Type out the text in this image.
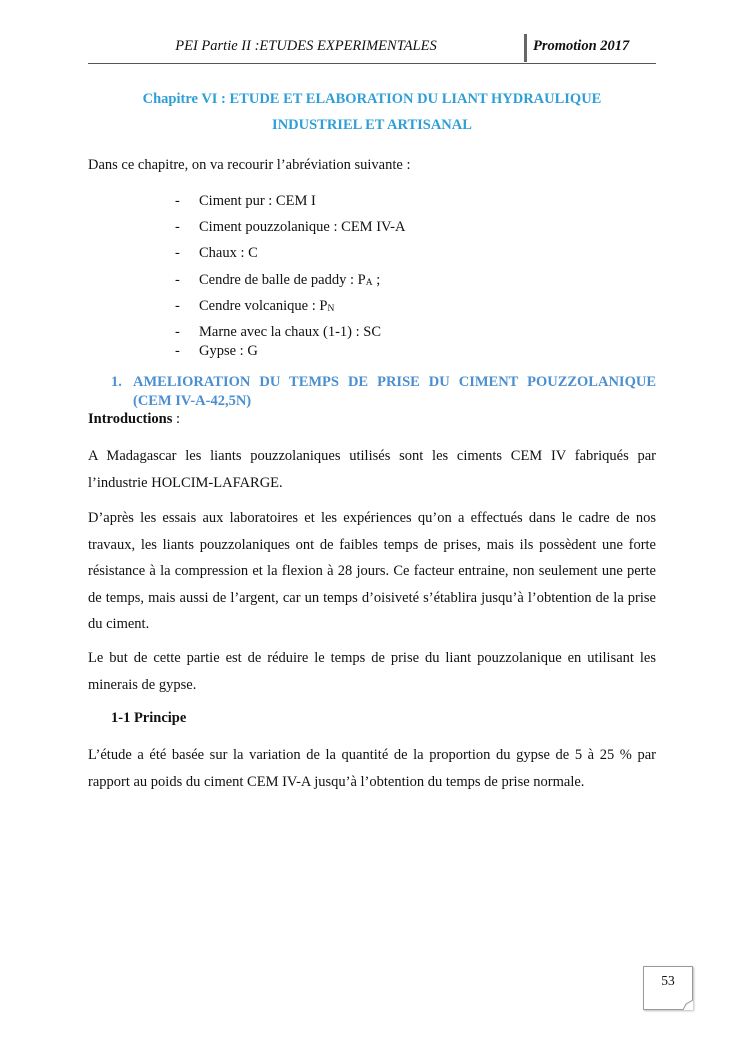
PEI Partie II :ETUDES EXPERIMENTALES	Promotion 2017
Chapitre VI : ETUDE ET ELABORATION DU LIANT HYDRAULIQUE
INDUSTRIEL ET ARTISANAL
Dans ce chapitre, on va recourir l’abréviation suivante :
- Ciment pur : CEM I
- Ciment pouzzolanique : CEM IV-A
- Chaux : C
- Cendre de balle de paddy : $P_A$ ;
- Cendre volcanique : $P_N$
- Marne avec la chaux (1-1) : SC
- Gypse : G
1. AMELIORATION DU TEMPS DE PRISE DU CIMENT POUZZOLANIQUE
(CEM IV-A-42,5N)
Introductions :
A Madagascar les liants pouzzolaniques utilisés sont les ciments CEM IV fabriqués par l’industrie HOLCIM-LAFARGE.
D’après les essais aux laboratoires et les expériences qu’on a effectués dans le cadre de nos travaux, les liants pouzzolaniques ont de faibles temps de prises, mais ils possèdent une forte résistance à la compression et la flexion à 28 jours. Ce facteur entraine, non seulement une perte de temps, mais aussi de l’argent, car un temps d’oisiveté s’établira jusqu’à l’obtention de la prise du ciment.
Le but de cette partie est de réduire le temps de prise du liant pouzzolanique en utilisant les minerais de gypse.
1-1 Principe
L’étude a été basée sur la variation de la quantité de la proportion du gypse de 5 à 25 % par rapport au poids du ciment CEM IV-A jusqu’à l’obtention du temps de prise normale.
53
